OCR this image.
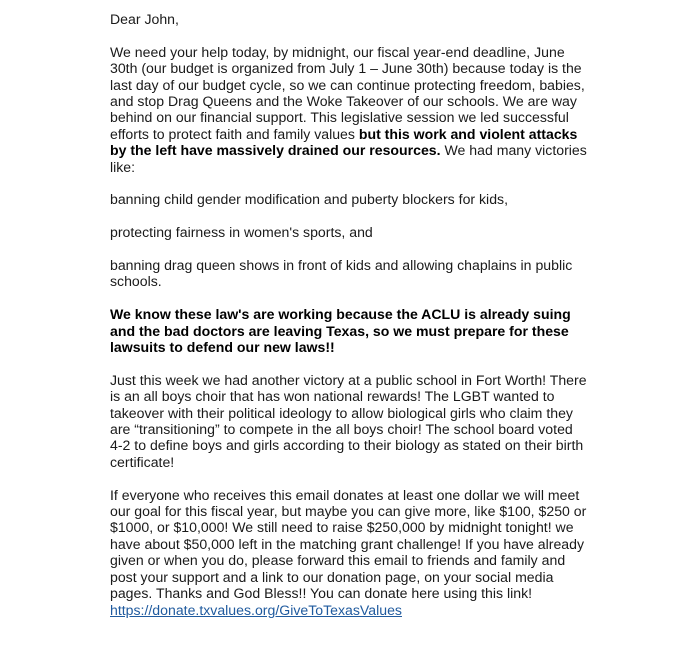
Dear John,

We need your help today, by midnight, our fiscal year-end deadline, June 30th (our budget is organized from July 1 – June 30th) because today is the last day of our budget cycle, so we can continue protecting freedom, babies, and stop Drag Queens and the Woke Takeover of our schools. We are way behind on our financial support. This legislative session we led successful efforts to protect faith and family values but this work and violent attacks by the left have massively drained our resources. We had many victories like:

banning child gender modification and puberty blockers for kids,

protecting fairness in women's sports, and

banning drag queen shows in front of kids and allowing chaplains in public schools.

We know these law's are working because the ACLU is already suing and the bad doctors are leaving Texas, so we must prepare for these lawsuits to defend our new laws!!

Just this week we had another victory at a public school in Fort Worth! There is an all boys choir that has won national rewards! The LGBT wanted to takeover with their political ideology to allow biological girls who claim they are “transitioning” to compete in the all boys choir! The school board voted 4-2 to define boys and girls according to their biology as stated on their birth certificate!

If everyone who receives this email donates at least one dollar we will meet our goal for this fiscal year, but maybe you can give more, like $100, $250 or $1000, or $10,000! We still need to raise $250,000 by midnight tonight! we have about $50,000 left in the matching grant challenge! If you have already given or when you do, please forward this email to friends and family and post your support and a link to our donation page, on your social media pages. Thanks and God Bless!! You can donate here using this link!
https://donate.txvalues.org/GiveToTexasValues
